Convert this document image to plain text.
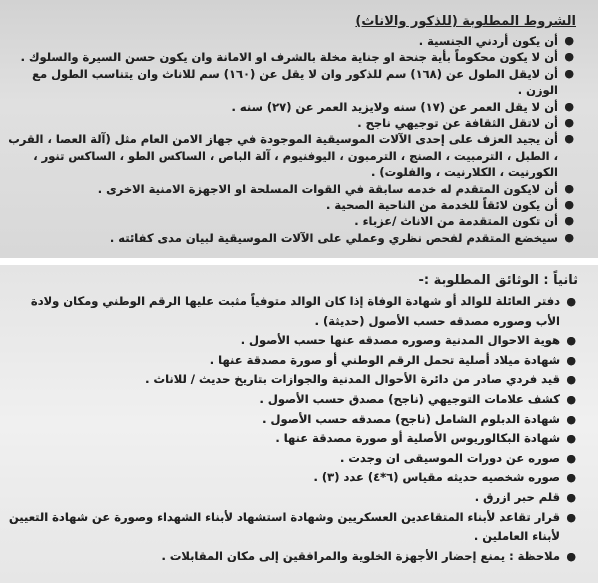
الشروط المطلوبة (للذكور والاناث)
●
أن يكون أردني الجنسية .
●
أن لا يكون محكوماً بأية جنحة او جناية مخلة بالشرف او الامانة وان يكون حسن السيرة والسلوك .
●
أن لايقل الطول عن (١٦٨) سم للذكور وان لا يقل عن (١٦٠) سم للاناث وان يتناسب الطول مع الوزن .
●
أن لا يقل العمر عن (١٧) سنه ولايزيد العمر عن (٢٧) سنه .
●
أن لاتقل الثقافة عن توجيهي ناجح .
●
أن يجيد العزف على إحدى الآلات الموسيقية الموجودة في جهاز الامن العام مثل (آلة العصا ، القرب ، الطبل ، الترمبيت ، الصنج ، الترمبون ، اليوفنيوم ، آلة الباص ، الساكس الطو ، الساكس تنور ، الكورنيت ، الكلارنيت ، والفلوت) .
●
أن لايكون المتقدم له خدمه سابقة في القوات المسلحة او الاجهزة الامنية الاخرى .
●
أن يكون لائقاً للخدمة من الناحية الصحية .
●
أن تكون المتقدمة من الاناث /عزباء .
●
سيخضع المتقدم لفحص نظري وعملي على الآلات الموسيقية لبيان مدى كفائته .
ثانياً : الوثائق المطلوبة :-
●
دفتر العائلة للوالد أو شهادة الوفاة إذا كان الوالد متوفياً مثبت عليها الرقم الوطني ومكان ولادة الأب وصوره مصدقه حسب الأصول (حديثة) .
●
هوية الاحوال المدنية وصوره مصدقه عنها حسب الأصول .
●
شهادة ميلاد أصلية تحمل الرقم الوطني أو صورة مصدقة عنها .
●
قيد فردي صادر من دائرة الأحوال المدنية والجوازات بتاريخ حديث / للاناث .
●
كشف علامات التوجيهي (ناجح) مصدق حسب الأصول .
●
شهادة الدبلوم الشامل (ناجح) مصدقه حسب الأصول .
●
شهادة البكالوريوس الأصلية أو صورة مصدقة عنها .
●
صوره عن دورات الموسيقى ان وجدت .
●
صوره شخصيه حديثه مقياس (٦*٤) عدد (٣) .
●
قلم حبر ازرق .
●
قرار تقاعد لأبناء المتقاعدين العسكريين وشهادة استشهاد لأبناء الشهداء وصورة عن شهادة التعيين لأبناء العاملين .
●
ملاحظة : يمنع إحضار الأجهزة الخلوية والمرافقين إلى مكان المقابلات .
